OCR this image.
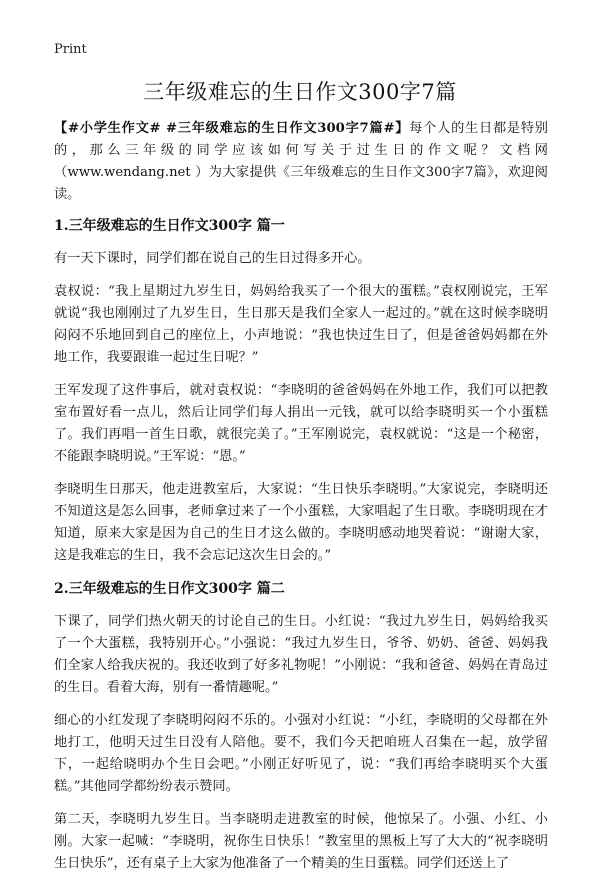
Print
三年级难忘的生日作文300字7篇

【#小学生作文# #三年级难忘的生日作文300字7篇#】每个人的生日都是特别的，那么三年级的同学应该如何写关于过生日的作文呢？文档网（www.wendang.net ）为大家提供《三年级难忘的生日作文300字7篇》，欢迎阅读。

1.三年级难忘的生日作文300字 篇一

有一天下课时，同学们都在说自己的生日过得多开心。

袁权说：“我上星期过九岁生日，妈妈给我买了一个很大的蛋糕。”袁权刚说完，王军就说“我也刚刚过了九岁生日，生日那天是我们全家人一起过的。”就在这时候李晓明闷闷不乐地回到自己的座位上，小声地说：“我也快过生日了，但是爸爸妈妈都在外地工作，我要跟谁一起过生日呢？”

王军发现了这件事后，就对袁权说：“李晓明的爸爸妈妈在外地工作，我们可以把教室布置好看一点儿，然后让同学们每人捐出一元钱，就可以给李晓明买一个小蛋糕了。我们再唱一首生日歌，就很完美了。”王军刚说完，袁权就说：“这是一个秘密，不能跟李晓明说。”王军说：“恩。”

李晓明生日那天，他走进教室后，大家说：“生日快乐李晓明。”大家说完，李晓明还不知道这是怎么回事，老师拿过来了一个小蛋糕，大家唱起了生日歌。李晓明现在才知道，原来大家是因为自己的生日才这么做的。李晓明感动地哭着说：“谢谢大家，这是我难忘的生日，我不会忘记这次生日会的。”

2.三年级难忘的生日作文300字 篇二

下课了，同学们热火朝天的讨论自己的生日。小红说：“我过九岁生日，妈妈给我买了一个大蛋糕，我特别开心。”小强说：“我过九岁生日，爷爷、奶奶、爸爸、妈妈我们全家人给我庆祝的。我还收到了好多礼物呢！”小刚说：“我和爸爸、妈妈在青岛过的生日。看着大海，别有一番情趣呢。”

细心的小红发现了李晓明闷闷不乐的。小强对小红说：“小红，李晓明的父母都在外地打工，他明天过生日没有人陪他。要不，我们今天把咱班人召集在一起，放学留下，一起给晓明办个生日会吧。”小刚正好听见了，说：“我们再给李晓明买个大蛋糕。”其他同学都纷纷表示赞同。

第二天，李晓明九岁生日。当李晓明走进教室的时候，他惊呆了。小强、小红、小刚。大家一起喊：“李晓明，祝你生日快乐！”教室里的黑板上写了大大的“祝李晓明生日快乐”，还有桌子上大家为他准备了一个精美的生日蛋糕。同学们还送上了
